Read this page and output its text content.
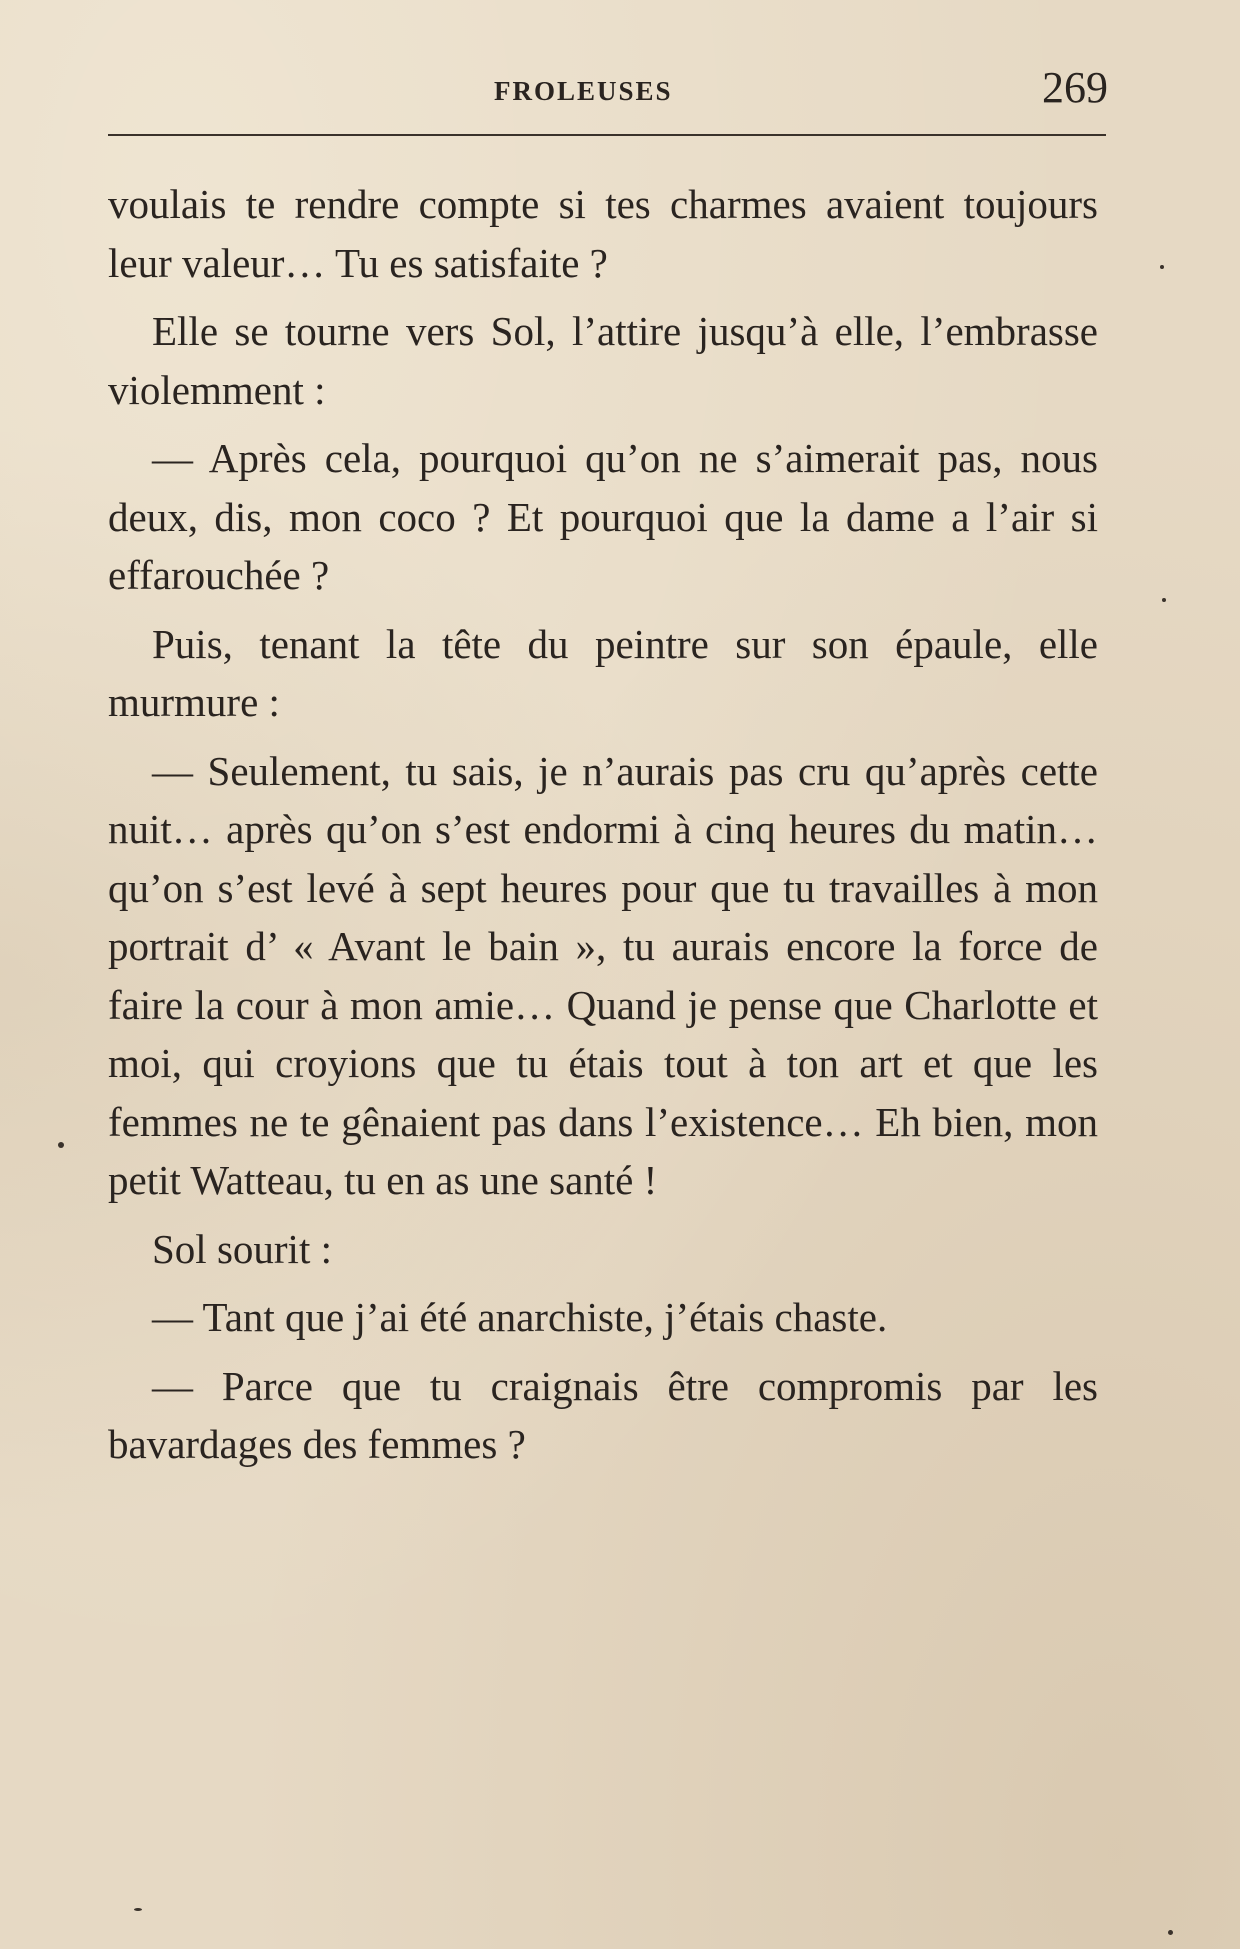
FROLEUSES	269

voulais te rendre compte si tes charmes avaient toujours leur valeur… Tu es satisfaite ?

Elle se tourne vers Sol, l’attire jusqu’à elle, l’embrasse violemment :

— Après cela, pourquoi qu’on ne s’aimerait pas, nous deux, dis, mon coco ? Et pourquoi que la dame a l’air si effarouchée ?

Puis, tenant la tête du peintre sur son épaule, elle murmure :

— Seulement, tu sais, je n’aurais pas cru qu’après cette nuit… après qu’on s’est endormi à cinq heures du matin… qu’on s’est levé à sept heures pour que tu travailles à mon portrait d’ « Avant le bain », tu aurais encore la force de faire la cour à mon amie… Quand je pense que Charlotte et moi, qui croyions que tu étais tout à ton art et que les femmes ne te gênaient pas dans l’existence… Eh bien, mon petit Watteau, tu en as une santé !

Sol sourit :

— Tant que j’ai été anarchiste, j’étais chaste.

— Parce que tu craignais être compromis par les bavardages des femmes ?
